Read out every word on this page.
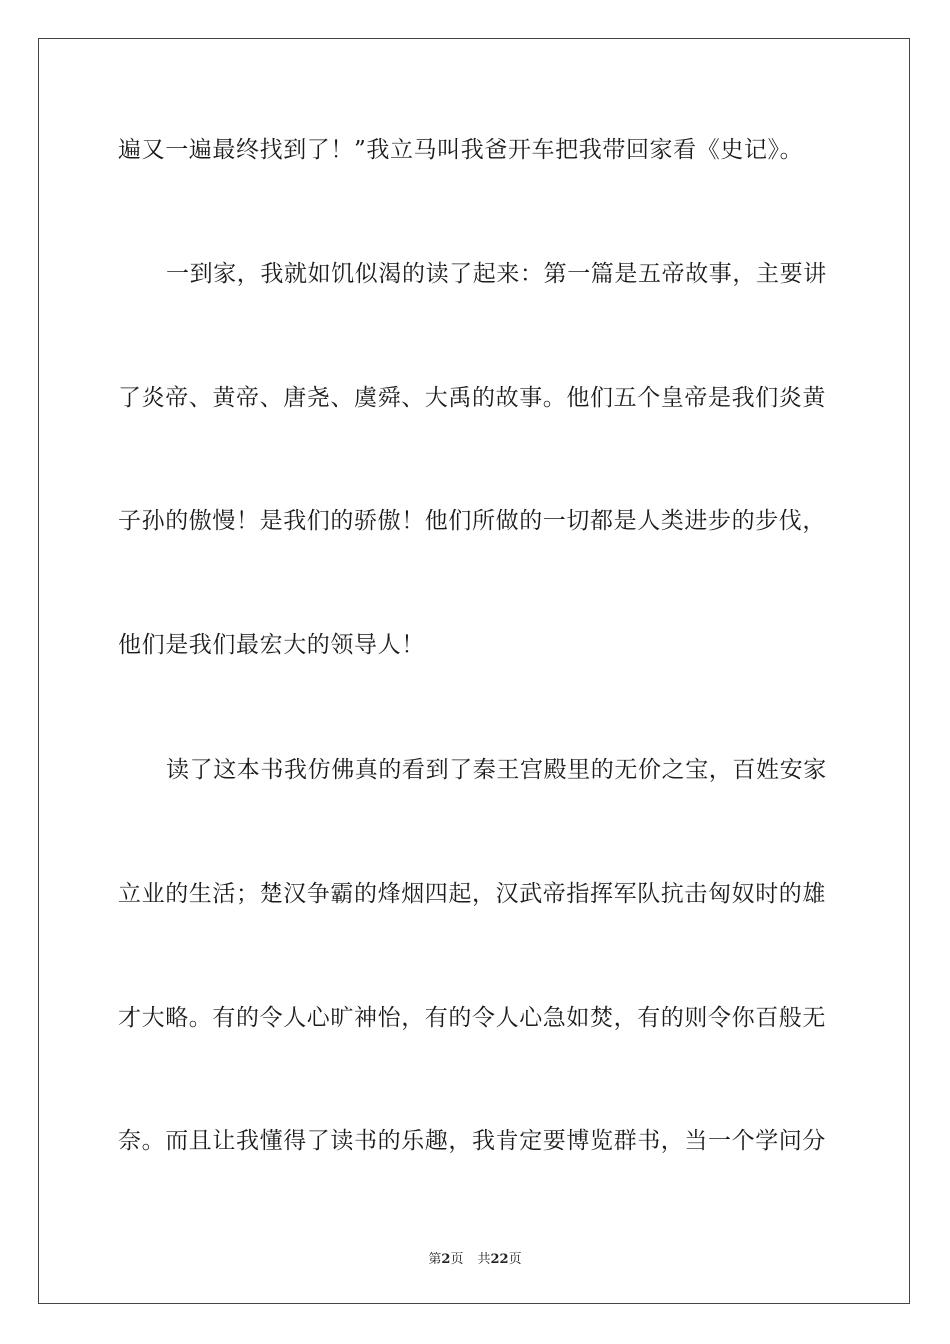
遍又一遍最终找到了！”我立马叫我爸开车把我带回家看《史记》。
一到家，我就如饥似渴的读了起来：第一篇是五帝故事，主要讲
了炎帝、黄帝、唐尧、虞舜、大禹的故事。他们五个皇帝是我们炎黄
子孙的傲慢！是我们的骄傲！他们所做的一切都是人类进步的步伐，
他们是我们最宏大的领导人！
读了这本书我仿佛真的看到了秦王宫殿里的无价之宝，百姓安家
立业的生活；楚汉争霸的烽烟四起，汉武帝指挥军队抗击匈奴时的雄
才大略。有的令人心旷神怡，有的令人心急如焚，有的则令你百般无
奈。而且让我懂得了读书的乐趣，我肯定要博览群书，当一个学问分
第2页 共22页
